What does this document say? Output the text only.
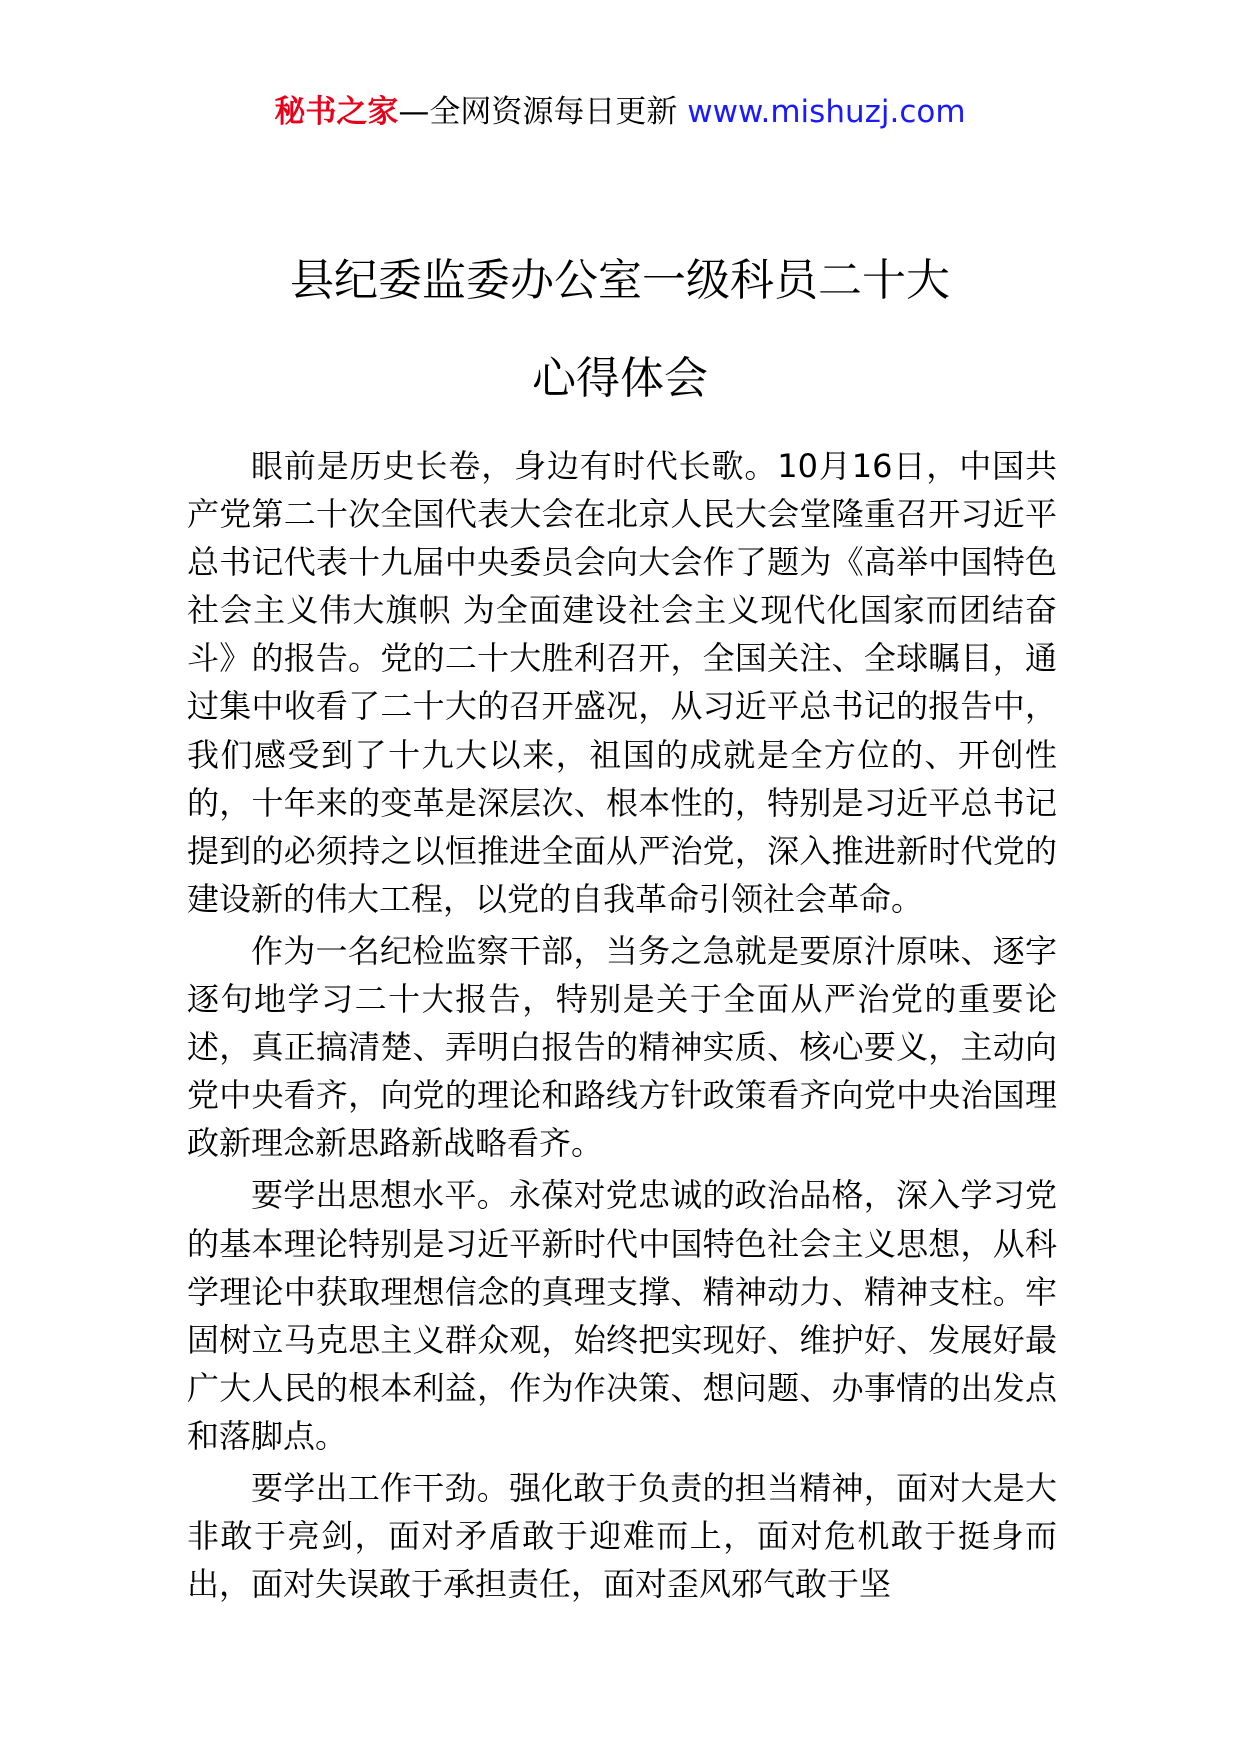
秘书之家—全网资源每日更新 www.mishuzj.com
县纪委监委办公室一级科员二十大
心得体会

眼前是历史长卷，身边有时代长歌。10月16日，中国共产党第二十次全国代表大会在北京人民大会堂隆重召开习近平总书记代表十九届中央委员会向大会作了题为《高举中国特色社会主义伟大旗帜 为全面建设社会主义现代化国家而团结奋斗》的报告。党的二十大胜利召开，全国关注、全球瞩目，通过集中收看了二十大的召开盛况，从习近平总书记的报告中，我们感受到了十九大以来，祖国的成就是全方位的、开创性的，十年来的变革是深层次、根本性的，特别是习近平总书记提到的必须持之以恒推进全面从严治党，深入推进新时代党的建设新的伟大工程，以党的自我革命引领社会革命。

作为一名纪检监察干部，当务之急就是要原汁原味、逐字逐句地学习二十大报告，特别是关于全面从严治党的重要论述，真正搞清楚、弄明白报告的精神实质、核心要义，主动向党中央看齐，向党的理论和路线方针政策看齐向党中央治国理政新理念新思路新战略看齐。

要学出思想水平。永葆对党忠诚的政治品格，深入学习党的基本理论特别是习近平新时代中国特色社会主义思想，从科学理论中获取理想信念的真理支撑、精神动力、精神支柱。牢固树立马克思主义群众观，始终把实现好、维护好、发展好最广大人民的根本利益，作为作决策、想问题、办事情的出发点和落脚点。

要学出工作干劲。强化敢于负责的担当精神，面对大是大非敢于亮剑，面对矛盾敢于迎难而上，面对危机敢于挺身而出，面对失误敢于承担责任，面对歪风邪气敢于坚
